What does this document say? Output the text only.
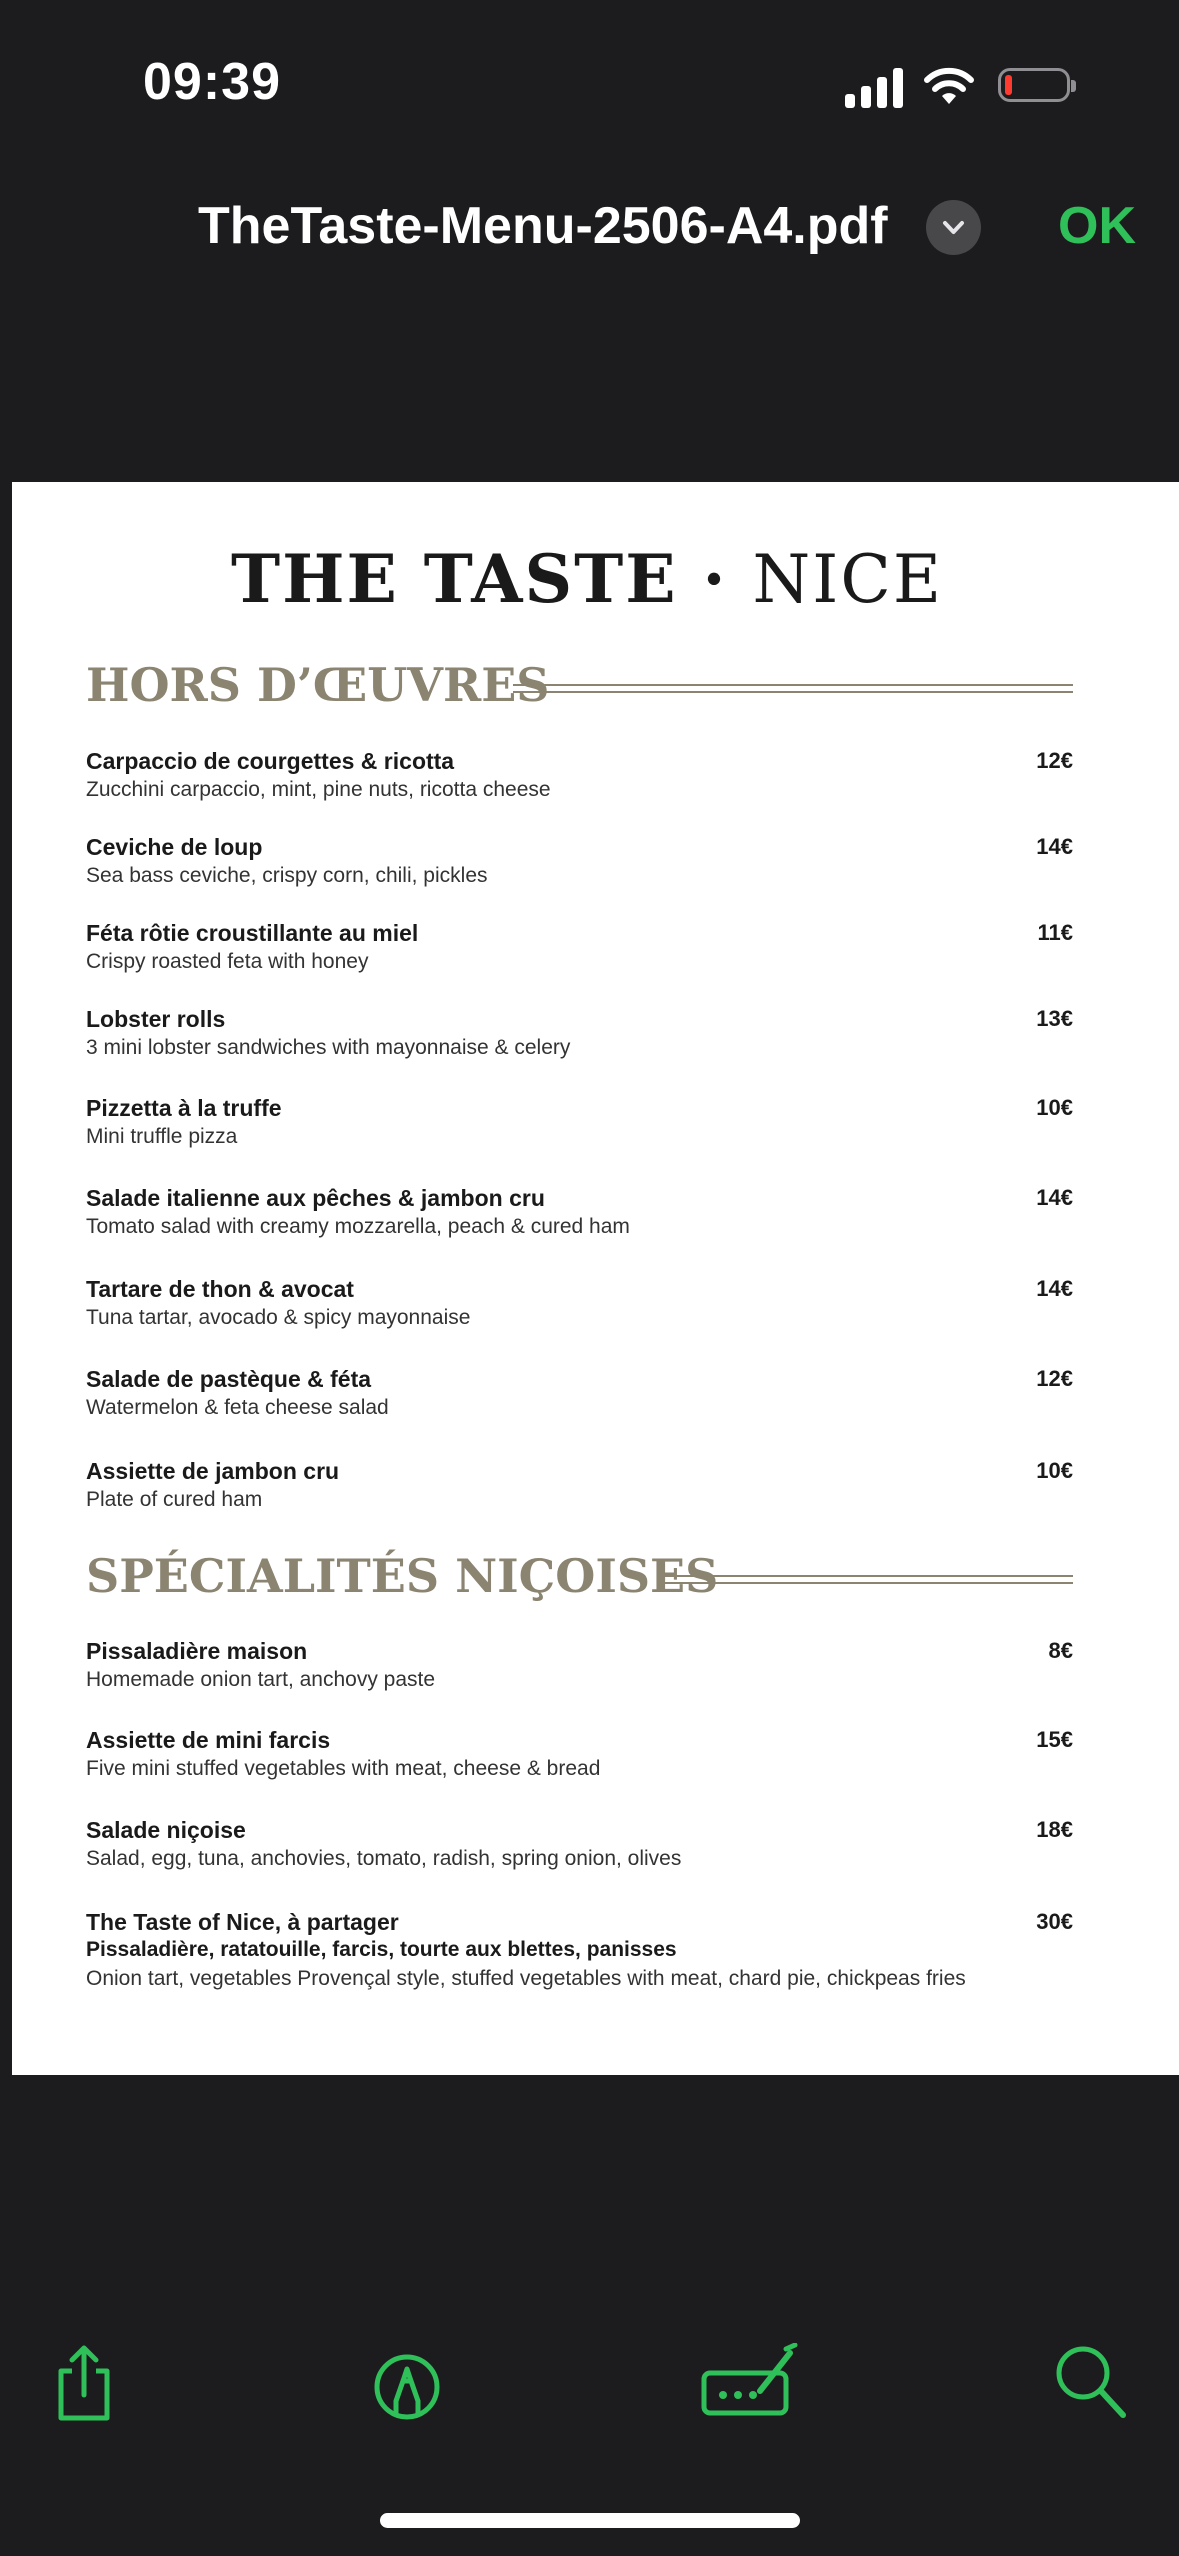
09:39
TheTaste-Menu-2506-A4.pdf	OK
THE TASTE · NICE
HORS D’ŒUVRES
Carpaccio de courgettes & ricotta
Zucchini carpaccio, mint, pine nuts, ricotta cheese
12€
Ceviche de loup
Sea bass ceviche, crispy corn, chili, pickles
14€
Féta rôtie croustillante au miel
Crispy roasted feta with honey
11€
Lobster rolls
3 mini lobster sandwiches with mayonnaise & celery
13€
Pizzetta à la truffe
Mini truffle pizza
10€
Salade italienne aux pêches & jambon cru
Tomato salad with creamy mozzarella, peach & cured ham
14€
Tartare de thon & avocat
Tuna tartar, avocado & spicy mayonnaise
14€
Salade de pastèque & féta
Watermelon & feta cheese salad
12€
Assiette de jambon cru
Plate of cured ham
10€
SPÉCIALITÉS NIÇOISES
Pissaladière maison
Homemade onion tart, anchovy paste
8€
Assiette de mini farcis
Five mini stuffed vegetables with meat, cheese & bread
15€
Salade niçoise
Salad, egg, tuna, anchovies, tomato, radish, spring onion, olives
18€
The Taste of Nice, à partager
Pissaladière, ratatouille, farcis, tourte aux blettes, panisses
Onion tart, vegetables Provençal style, stuffed vegetables with meat, chard pie, chickpeas fries
30€
